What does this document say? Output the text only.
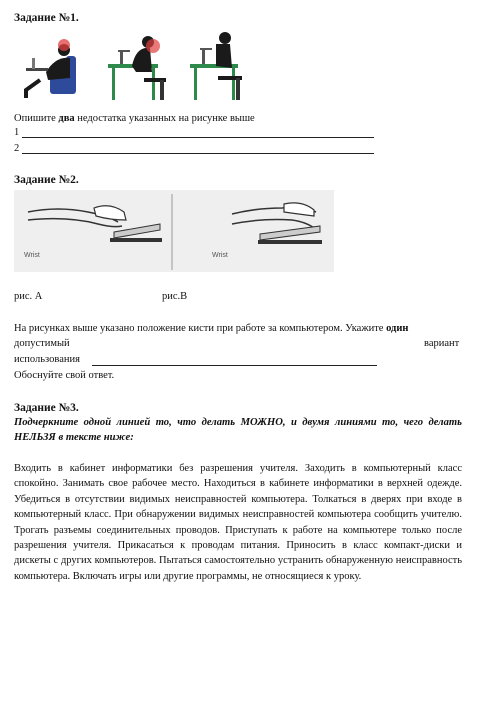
Задание №1.
Опишите два недостатка указанных на рисунке выше
1
2
Задание №2.
Wrist	Wrist
рис. А	рис.В
На рисунках выше указано положение кисти при работе за компьютером. Укажите один
допустимый	вариант
использования
Обоснуйте свой ответ.
Задание №3.
Подчеркните одной линией то, что делать МОЖНО, и двумя линиями то, чего делать НЕЛЬЗЯ в тексте ниже:
Входить в кабинет информатики без разрешения учителя. Заходить в компьютерный класс спокойно. Занимать свое рабочее место. Находиться в кабинете информатики в верхней одежде. Убедиться в отсутствии видимых неисправностей компьютера. Толкаться в дверях при входе в компьютерный класс. При обнаружении видимых неисправностей компьютера сообщить учителю. Трогать разъемы соединительных проводов. Приступать к работе на компьютере только после разрешения учителя. Прикасаться к проводам питания. Приносить в класс компакт-диски и дискеты с других компьютеров. Пытаться самостоятельно устранить обнаруженную неисправность компьютера. Включать игры или другие программы, не относящиеся к уроку.
